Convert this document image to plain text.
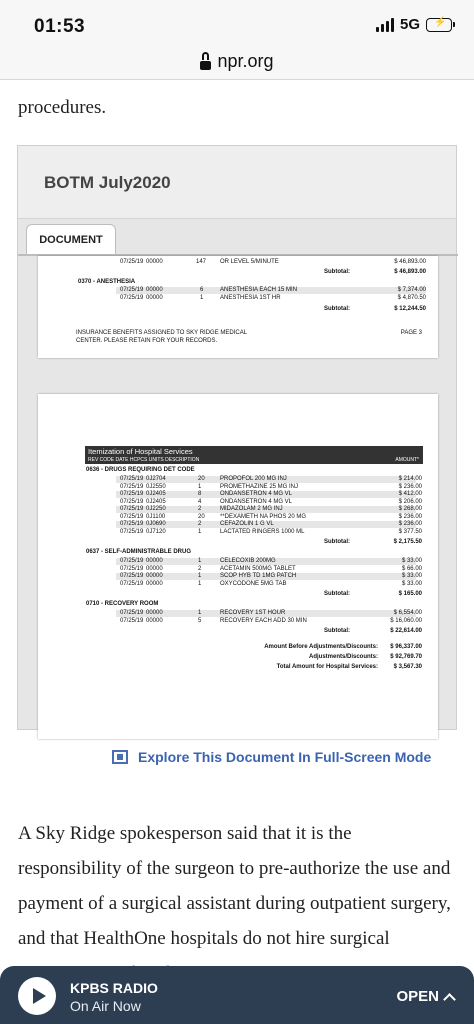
01:53	5G
npr.org
procedures.
BOTM July2020
DOCUMENT
07/25/19 00000	147 OR LEVEL 5/MINUTE	$ 46,893.00
Subtotal:	$ 46,893.00
0370 - ANESTHESIA
07/25/19 00000	6	ANESTHESIA EACH 15 MIN	$ 7,374.00
07/25/19 00000	1	ANESTHESIA 1ST HR	$ 4,870.50
Subtotal:	$ 12,244.50
INSURANCE BENEFITS ASSIGNED TO SKY RIDGE MEDICAL
CENTER. PLEASE RETAIN FOR YOUR RECORDS.
PAGE 3
Itemization of Hospital Services
REV CODE DATE HCPCS UNITS DESCRIPTION	AMOUNT*
0636 - DRUGS REQUIRING DET CODE
07/25/19 0J2704	20	PROPOFOL 200 MG INJ	$ 214.00
07/25/19 0J2550	1	PROMETHAZINE 25 MG INJ	$ 236.00
07/25/19 0J2405	8	ONDANSETRON 4 MG VL	$ 412.00
07/25/19 0J2405	4	ONDANSETRON 4 MG VL	$ 206.00
07/25/19 0J2250	2	MIDAZOLAM 2 MG INJ	$ 268.00
07/25/19 0J1100	20	**DEXAMETH NA PHOS 20 MG	$ 236.00
07/25/19 0J0690	2	CEFAZOLIN 1 G VL	$ 236.00
07/25/19 0J7120	1	LACTATED RINGERS 1000 ML	$ 377.50
Subtotal:	$ 2,175.50
0637 - SELF-ADMINISTRABLE DRUG
07/25/19 00000	1	CELECOXIB 200MG	$ 33.00
07/25/19 00000	2	ACETAMIN 500MG TABLET	$ 66.00
07/25/19 00000	1	SCOP HYB TD 1MG PATCH	$ 33.00
07/25/19 00000	1	OXYCODONE 5MG TAB	$ 33.00
Subtotal:	$ 165.00
0710 - RECOVERY ROOM
07/25/19 00000	1	RECOVERY 1ST HOUR	$ 6,554.00
07/25/19 00000	5	RECOVERY EACH ADD 30 MIN	$ 16,060.00
Subtotal:	$ 22,614.00
Amount Before Adjustments/Discounts: $ 96,337.00
Adjustments/Discounts: $ 92,769.70
Total Amount for Hospital Services:	$ 3,567.30
Explore This Document In Full-Screen Mode
A Sky Ridge spokesperson said that it is the responsibility of the surgeon to pre-authorize the use and payment of a surgical assistant during outpatient surgery, and that HealthOne hospitals do not hire surgical
KPBS RADIO
On Air Now
OPEN
